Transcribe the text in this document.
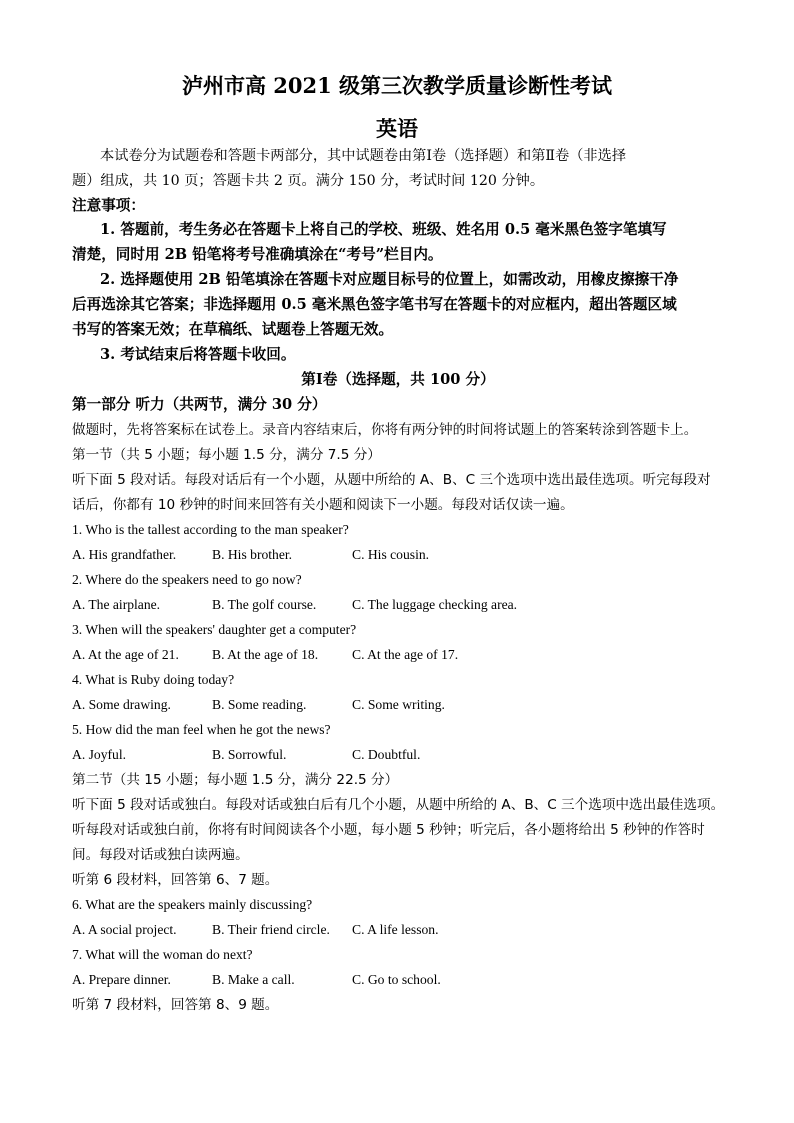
泸州市高 2021 级第三次教学质量诊断性考试
英语
本试卷分为试题卷和答题卡两部分，其中试题卷由第Ⅰ卷（选择题）和第Ⅱ卷（非选择
题）组成，共 10 页；答题卡共 2 页。满分 150 分，考试时间 120 分钟。
注意事项：
1. 答题前，考生务必在答题卡上将自己的学校、班级、姓名用 0.5 毫米黑色签字笔填写
清楚，同时用 2B 铅笔将考号准确填涂在“考号”栏目内。
2. 选择题使用 2B 铅笔填涂在答题卡对应题目标号的位置上，如需改动，用橡皮擦擦干净
后再选涂其它答案；非选择题用 0.5 毫米黑色签字笔书写在答题卡的对应框内，超出答题区域
书写的答案无效；在草稿纸、试题卷上答题无效。
3. 考试结束后将答题卡收回。
第Ⅰ卷（选择题，共 100 分）
第一部分 听力（共两节，满分 30 分）
做题时，先将答案标在试卷上。录音内容结束后，你将有两分钟的时间将试题上的答案转涂到答题卡上。
第一节（共 5 小题；每小题 1.5 分，满分 7.5 分）
听下面 5 段对话。每段对话后有一个小题，从题中所给的 A、B、C 三个选项中选出最佳选项。听完每段对
话后，你都有 10 秒钟的时间来回答有关小题和阅读下一小题。每段对话仅读一遍。
1. Who is the tallest according to the man speaker?
A. His grandfather.	B. His brother.	C. His cousin.
2. Where do the speakers need to go now?
A. The airplane.	B. The golf course.	C. The luggage checking area.
3. When will the speakers' daughter get a computer?
A. At the age of 21. B. At the age of 18. C. At the age of 17.
4. What is Ruby doing today?
A. Some drawing.	B. Some reading.	C. Some writing.
5. How did the man feel when he got the news?
A. Joyful.	B. Sorrowful.	C. Doubtful.
第二节（共 15 小题；每小题 1.5 分，满分 22.5 分）
听下面 5 段对话或独白。每段对话或独白后有几个小题，从题中所给的 A、B、C 三个选项中选出最佳选项。
听每段对话或独白前，你将有时间阅读各个小题，每小题 5 秒钟；听完后，各小题将给出 5 秒钟的作答时
间。每段对话或独白读两遍。
听第 6 段材料，回答第 6、7 题。
6. What are the speakers mainly discussing?
A. A social project.	B. Their friend circle. C. A life lesson.
7. What will the woman do next?
A. Prepare dinner.	B. Make a call.	C. Go to school.
听第 7 段材料，回答第 8、9 题。
